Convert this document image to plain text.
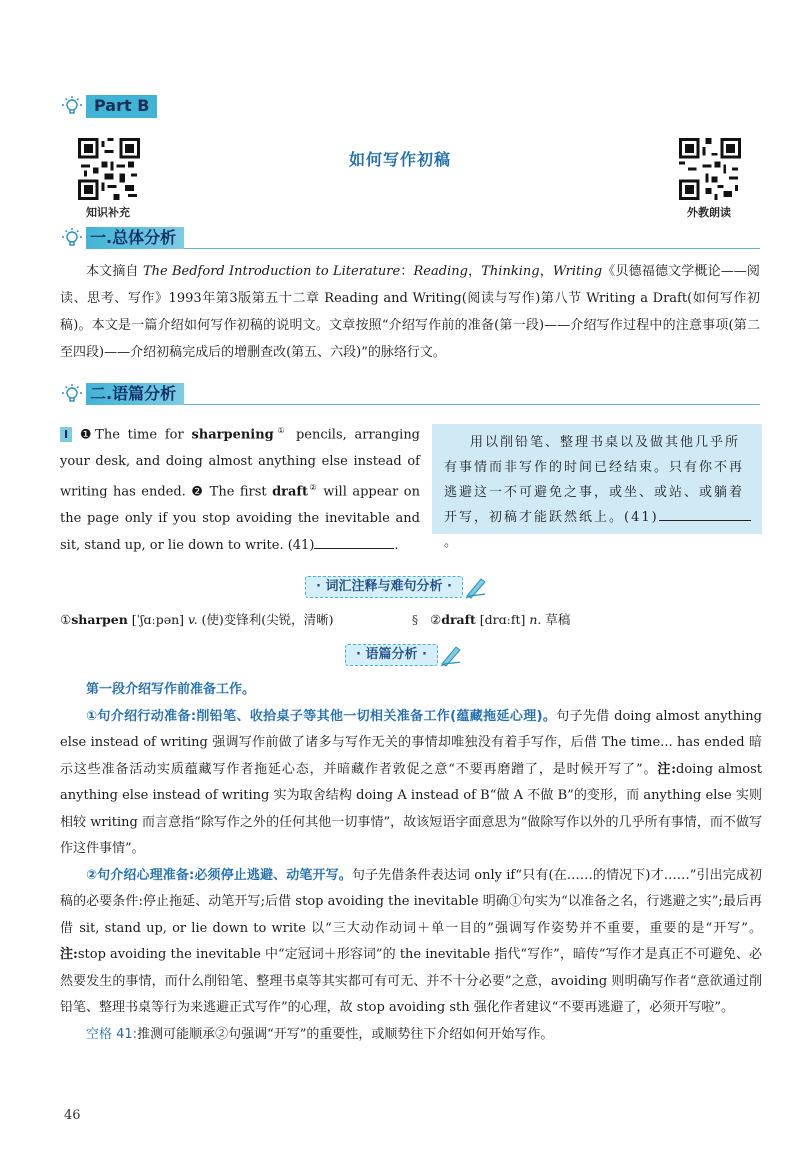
Part B
知识补充	外教朗读
如何写作初稿
一.总体分析

本文摘自 The Bedford Introduction to Literature：Reading，Thinking，Writing《贝德福德文学概论——阅读、思考、写作》1993年第3版第五十二章 Reading and Writing(阅读与写作)第八节 Writing a Draft(如何写作初稿)。本文是一篇介绍如何写作初稿的说明文。文章按照“介绍写作前的准备(第一段)——介绍写作过程中的注意事项(第二至四段)——介绍初稿完成后的增删查改(第五、六段)”的脉络行文。

二.语篇分析
I ❶The time for sharpening① pencils, arranging your desk, and doing almost anything else instead of writing has ended. ❷ The first draft② will appear on the page only if you stop avoiding the inevitable and sit, stand up, or lie down to write. (41)	.

用以削铅笔、整理书桌以及做其他几乎所有事情而非写作的时间已经结束。只有你不再逃避这一不可避免之事，或坐、或站、或躺着开写，初稿才能跃然纸上。(41)。

· 词汇注释与难句分析 ·
①sharpen [ˈʃɑːpən] v. (使)变锋利(尖锐，清晰)	§ ②draft [drɑːft] n. 草稿
· 语篇分析 ·

第一段介绍写作前准备工作。

①句介绍行动准备:削铅笔、收拾桌子等其他一切相关准备工作(蕴藏拖延心理)。句子先借 doing almost anything else instead of writing 强调写作前做了诸多与写作无关的事情却唯独没有着手写作，后借 The time... has ended 暗示这些准备活动实质蕴藏写作者拖延心态，并暗藏作者敦促之意“不要再磨蹭了，是时候开写了”。注:doing almost anything else instead of writing 实为取舍结构 doing A instead of B“做 A 不做 B”的变形，而 anything else 实则相较 writing 而言意指“除写作之外的任何其他一切事情”，故该短语字面意思为“做除写作以外的几乎所有事情，而不做写作这件事情”。

②句介绍心理准备:必须停止逃避、动笔开写。句子先借条件表达词 only if“只有(在……的情况下)才……”引出完成初稿的必要条件:停止拖延、动笔开写;后借 stop avoiding the inevitable 明确①句实为“以准备之名，行逃避之实”;最后再借 sit, stand up, or lie down to write 以“三大动作动词＋单一目的”强调写作姿势并不重要，重要的是“开写”。注:stop avoiding the inevitable 中“定冠词＋形容词”的 the inevitable 指代“写作”，暗传“写作才是真正不可避免、必然要发生的事情，而什么削铅笔、整理书桌等其实都可有可无、并不十分必要”之意，avoiding 则明确写作者“意欲通过削铅笔、整理书桌等行为来逃避正式写作”的心理，故 stop avoiding sth 强化作者建议“不要再逃避了，必须开写啦”。

空格 41:推测可能顺承②句强调“开写”的重要性，或顺势往下介绍如何开始写作。

46
